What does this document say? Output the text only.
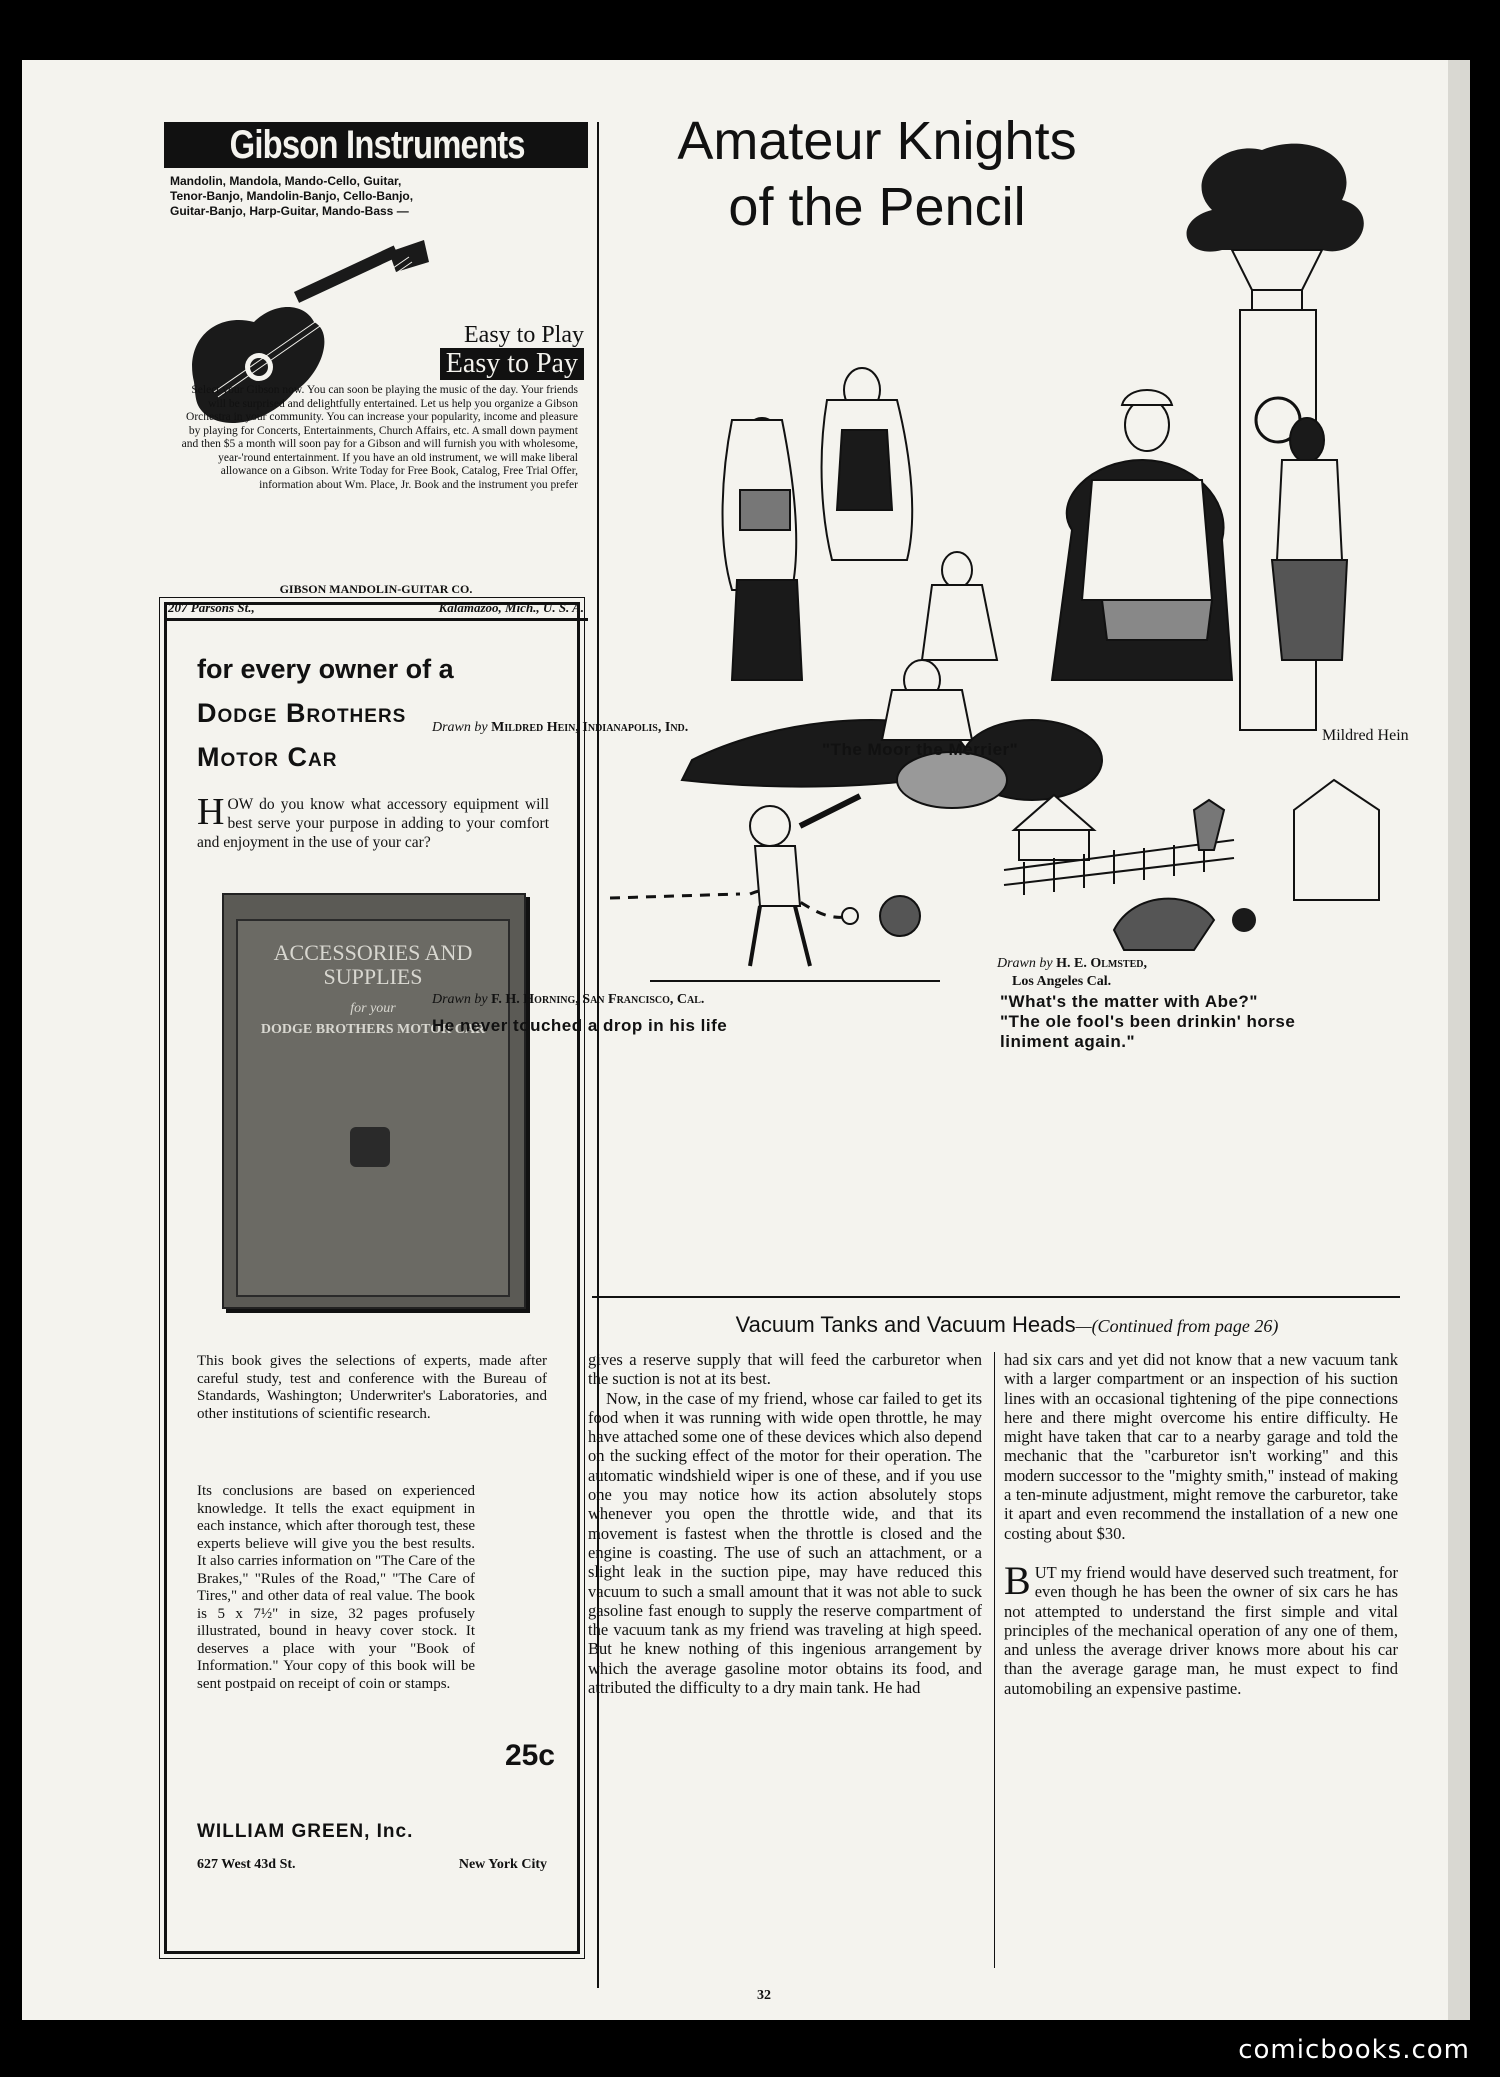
Gibson Instruments
Mandolin, Mandola, Mando-Cello, Guitar, Tenor-Banjo, Mandolin-Banjo, Cello-Banjo, Guitar-Banjo, Harp-Guitar, Mando-Bass —
Easy to Play
Easy to Pay
Select your Gibson now. You can soon be playing the music of the day. Your friends will be surprised and delightfully entertained. Let us help you organize a Gibson Orchestra in your community. You can increase your popularity, income and pleasure by playing for Concerts, Entertainments, Church Affairs, etc. A small down payment and then $5 a month will soon pay for a Gibson and will furnish you with wholesome, year-'round entertainment. If you have an old instrument, we will make liberal allowance on a Gibson. Write Today for Free Book, Catalog, Free Trial Offer, information about Wm. Place, Jr. Book and the instrument you prefer
GIBSON MANDOLIN-GUITAR CO.
207 Parsons St.,	Kalamazoo, Mich., U. S. A.
for every owner of a
Dodge Brothers
Motor Car
HOW do you know what accessory equipment will best serve your purpose in adding to your comfort and enjoyment in the use of your car?
ACCESSORIES AND SUPPLIES
for your
DODGE BROTHERS MOTOR CAR
This book gives the selections of experts, made after careful study, test and conference with the Bureau of Standards, Washington; Underwriter's Laboratories, and other institutions of scientific research.
Its conclusions are based on experienced knowledge. It tells the exact equipment in each instance, which after thorough test, these experts believe will give you the best results. It also carries information on "The Care of the Brakes," "Rules of the Road," "The Care of Tires," and other data of real value. The book is 5 x 7½" in size, 32 pages profusely illustrated, bound in heavy cover stock. It deserves a place with your "Book of Information." Your copy of this book will be sent postpaid on receipt of coin or stamps.
25c
WILLIAM GREEN, Inc.
627 West 43d St.	New York City
Amateur Knights
of the Pencil
Mildred Hein
Drawn by Mildred Hein, Indianapolis, Ind.
"The Moor the Merrier"
Drawn by F. H. Horning, San Francisco, Cal.
He never touched a drop in his life
Drawn by H. E. Olmsted,
Los Angeles Cal.
"What's the matter with Abe?"
"The ole fool's been drinkin' horse
liniment again."
Vacuum Tanks and Vacuum Heads—(Continued from page 26)

gives a reserve supply that will feed the carburetor when the suction is not at its best.

Now, in the case of my friend, whose car failed to get its food when it was running with wide open throttle, he may have attached some one of these devices which also depend on the sucking effect of the motor for their operation. The automatic windshield wiper is one of these, and if you use one you may notice how its action absolutely stops whenever you open the throttle wide, and that its movement is fastest when the throttle is closed and the engine is coasting. The use of such an attachment, or a slight leak in the suction pipe, may have reduced this vacuum to such a small amount that it was not able to suck gasoline fast enough to supply the reserve compartment of the vacuum tank as my friend was traveling at high speed. But he knew nothing of this ingenious arrangement by which the average gasoline motor obtains its food, and attributed the difficulty to a dry main tank. He had

had six cars and yet did not know that a new vacuum tank with a larger compartment or an inspection of his suction lines with an occasional tightening of the pipe connections here and there might overcome his entire difficulty. He might have taken that car to a nearby garage and told the mechanic that the "carburetor isn't working" and this modern successor to the "mighty smith," instead of making a ten-minute adjustment, might remove the carburetor, take it apart and even recommend the installation of a new one costing about $30.

BUT my friend would have deserved such treatment, for even though he has been the owner of six cars he has not attempted to understand the first simple and vital principles of the mechanical operation of any one of them, and unless the average driver knows more about his car than the average garage man, he must expect to find automobiling an expensive pastime.

32
comicbooks.com
